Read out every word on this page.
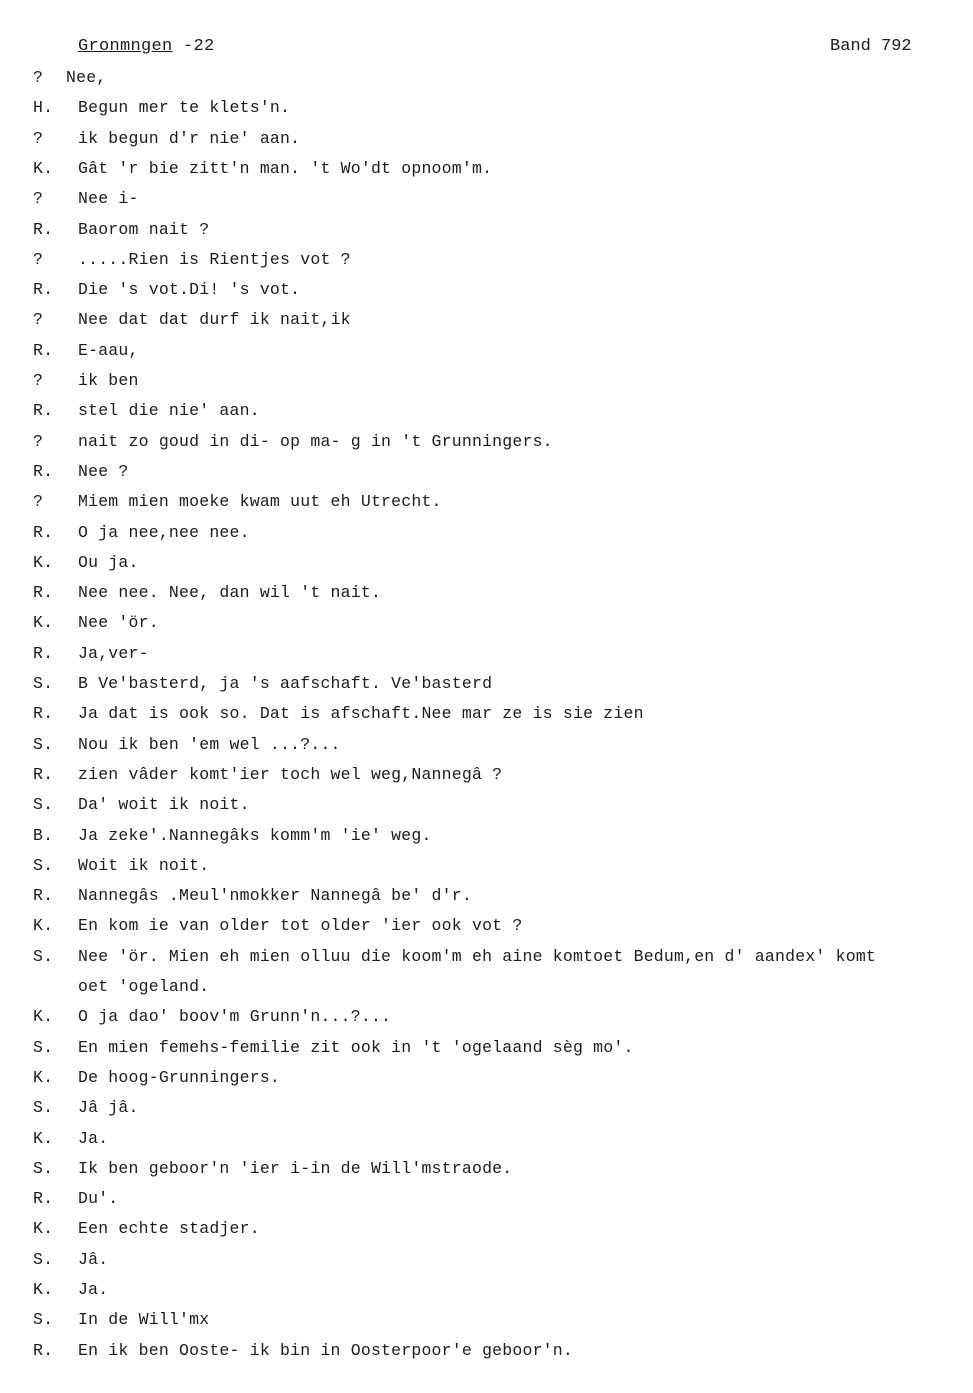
Gronmngen -22	Band 792
? Nee,
H. Begun mer te klets'n.
? ik begun d'r nie' aan.
K. Gât 'r bie zitt'n man. 't Wo'dt opnoom'm.
? Nee i-
R. Baorom nait ?
? .....Rien is Rientjes vot ?
R. Die 's vot.Di! 's vot.
? Nee dat dat durf ik nait,ik
R. E-aau,
? ik ben
R. stel die nie' aan.
? nait zo goud in di- op ma- g in 't Grunningers.
R. Nee ?
? Miem mien moeke kwam uut eh Utrecht.
R. O ja nee,nee nee.
K. Ou ja.
R. Nee nee. Nee, dan wil 't nait.
K. Nee 'ör.
R. Ja,ver-
S. B Ve'basterd, ja 's aafschaft. Ve'basterd
R. Ja dat is ook so. Dat is afschaft.Nee mar ze is sie zien
S. Nou ik ben 'em wel ...?...
R. zien vâder komt'ier toch wel weg,Nannegâ ?
S. Da' woit ik noit.
B. Ja zeke'.Nannegâks komm'm 'ie' weg.
S. Woit ik noit.
R. Nannegâs .Meul'nmokker Nannegâ be' d'r.
K. En kom ie van older tot older 'ier ook vot ?
S. Nee 'ör. Mien eh mien olluu die koom'm eh aine komtoet Bedum,en d' aandex' komt
oet 'ogeland.
K. O ja dao' boov'm Grunn'n...?...
S. En mien femehs-femilie zit ook in 't 'ogelaand sèg mo'.
K. De hoog-Grunningers.
S. Jâ jâ.
K. Ja.
S. Ik ben geboor'n 'ier i-in de Will'mstraode.
R. Du'.
K. Een echte stadjer.
S. Jâ.
K. Ja.
S. In de Will'mx
R. En ik ben Ooste- ik bin in Oosterpoor'e geboor'n.
